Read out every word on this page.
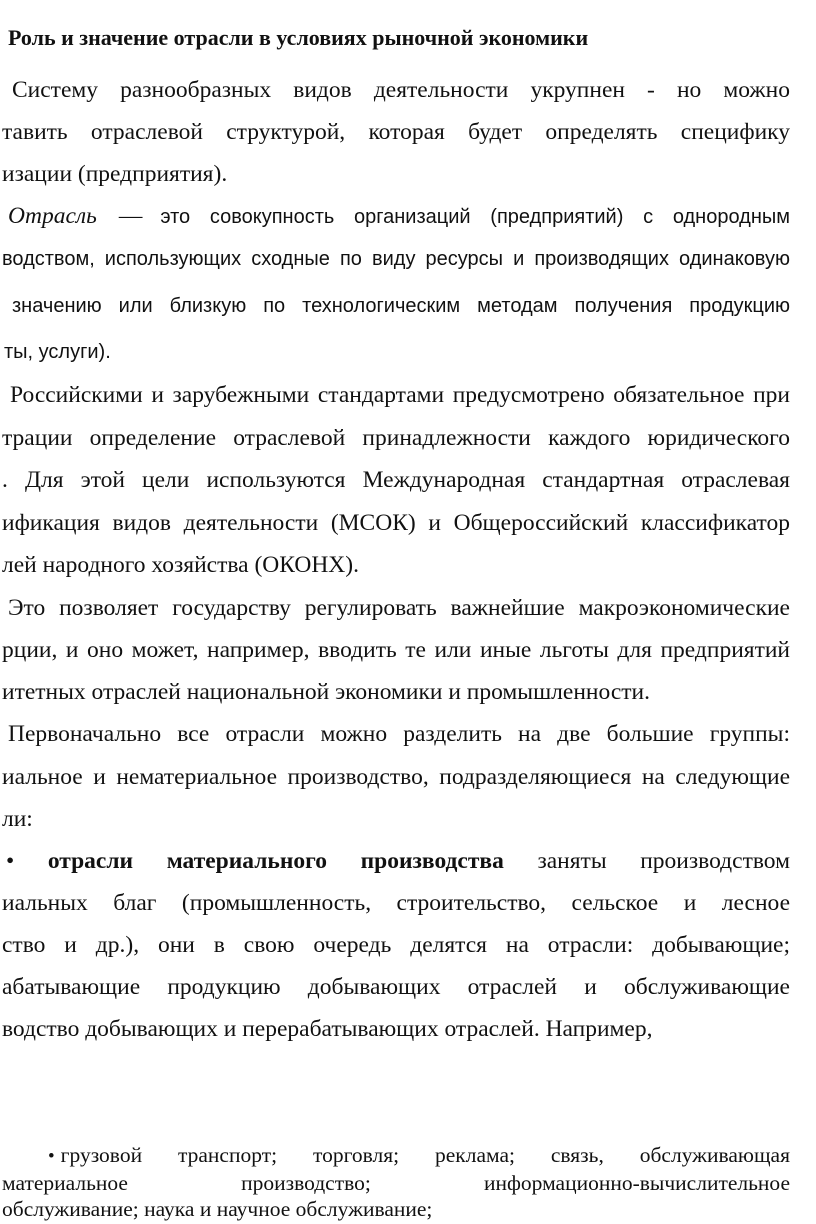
Роль и значение отрасли в условиях рыночной экономики
Систему разнообразных видов деятельности укрупнен - но можно
тавить отраслевой структурой, которая будет определять специфику
изации (предприятия).
Отрасль — это совокупность организаций (предприятий) с однородным
водством, использующих сходные по виду ресурсы и производящих одинаковую
значению или близкую по технологическим методам получения продукцию
ты, услуги).
Российскими и зарубежными стандартами предусмотрено обязательное при
трации определение отраслевой принадлежности каждого юридического
. Для этой цели используются Международная стандартная отраслевая
ификация видов деятельности (МСОК) и Общероссийский классификатор
лей народного хозяйства (ОКОНХ).
Это позволяет государству регулировать важнейшие макроэкономические
рции, и оно может, например, вводить те или иные льготы для предприятий
итетных отраслей национальной экономики и промышленности.
Первоначально все отрасли можно разделить на две большие группы:
иальное и нематериальное производство, подразделяющиеся на следующие
ли:
• отрасли материального производства заняты производством
иальных благ (промышленность, строительство, сельское и лесное
ство и др.), они в свою очередь делятся на отрасли: добывающие;
абатывающие продукцию добывающих отраслей и обслуживающие
водство добывающих и перерабатывающих отраслей. Например,
• грузовой транспорт; торговля; реклама; связь, обслуживающая
материальное производство; информационно-вычислительное
обслуживание; наука и научное обслуживание;
